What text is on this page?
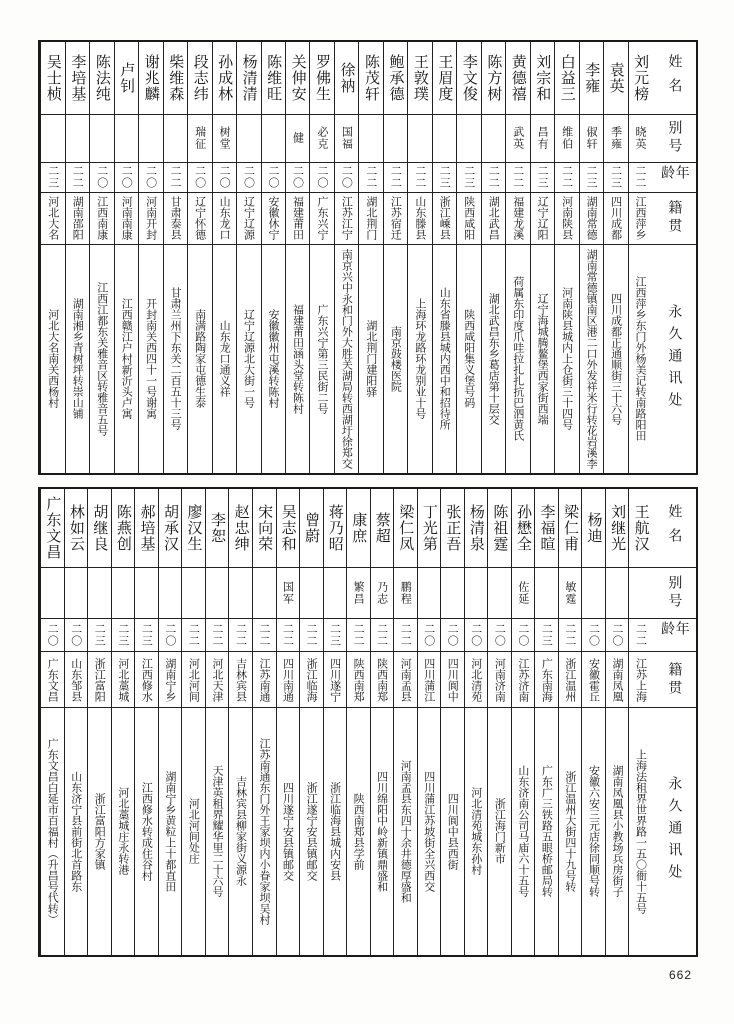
姓名
别号
年龄
籍贯
永久通讯处
刘元榜
晓英
二二
江西萍乡
江西萍乡东门外杨美记转南路阳田
袁英
季雍
二三
四川成都
四川成都正通顺街三十六号
李雍
俶轩
二三
湖南常德
湖南常德镇南区港二口外发祥米行转花岩溪李
白益三
维伯
二二
河南陕县
河南陕县城内上仓街三十四号
刘宗和
昌有
二三
辽宁辽阳
辽宁海城腾鳌堡西家街西端
黄德禧
武英
二二
福建龙溪
荷属东印度爪哇拉扎扎抗巴泗黄氏
陈方树
二二
湖北武昌
湖北武昌东乡葛店第十层交
李文俊
二三
陕西咸阳
陕西咸阳集义堡号码
王眉度
二三
浙江嵊县
山东省滕县城内西中和招待所
王敦璞
二二
山东滕县
上海环龙路环龙别业十号
鲍承德
二二
江苏宿迁
南京鼓楼医院
陈茂轩
二二
湖北荆门
湖北荆门建阳驿
徐衲
国福
二〇
江苏江宁
南京兴中永和门外大胜关湖局转西湖圩徐郑交
罗佛生
必克
二〇
广东兴宁
广东兴宁第三民街二号
关伸安
健
二〇
福建莆田
福建莆田涵头堂转陈村
陈维旺
二〇
安徽休宁
安徽徽州屯溪转陈村
杨清清
二〇
辽宁辽源
辽宁辽源北大街一号
孙成林
树堂
二〇
山东龙口
山东龙口通义祥
段志纬
瑞征
二〇
辽宁怀德
南满路陶家屯德生泰
柴维森
二二
甘肃泰县
甘肃兰州下东关二百五十三号
谢兆麟
二〇
河南开封
开封南关西四十一号谢寓
卢钊
二〇
河南南康
江西赣江户村新沂头卢寓
陈法纯
二〇
江西南康
江西江都东关雅音区转雅音五号
李培基
二二
湖南邵阳
湖南湘乡青树坪转崇山铺
吴士桢
二三
河北大名
河北大名南关西杨村
姓名
别号
年龄
籍贯
永久通讯处
王航汉
二二
江苏上海
上海法租界世界路一五〇衙十五号
刘继光
二〇
湖南凤凰
湖南凤凰县小教场兵房街子
杨迪
二〇
安徽霍丘
安徽六安三元店徐同顺号转
梁仁甫
敏霆
二二
浙江温州
浙江温州大街四十九号转
李福暄
二三
广东南海
广东广三铁路五眼桥邮局转
孙懋全
佐延
二〇
江苏济南
山东济南公司马庙六十五号
陈祖霆
二〇
河南济南
浙江海门新市
杨清泉
二〇
河北清苑
河北清苑城东孙村
张正吾
二〇
四川阆中
四川阆中县西街
丁光第
二〇
四川蒲江
四川蒲江苏坡街全兴西交
梁仁凤
鹏程
二二
河南孟县
河南孟县东四十余井德厚盛和
蔡超
乃志
二二
陕西南郑
四川绵阳中岭新镇鼎盛和
康庶
繁昌
二二
陕西南郑
陕西南郑县学前
蒋乃昭
二三
四川遂宁
浙江临海县城内安县
曾蔚
二二
浙江临海
浙江遂宁安县镇邮交
吴志和
国军
二二
四川南通
四川遂宁安县镇邮交
宋向荣
二二
江苏南通
江苏南通东门外王家坝内小眷家坝吴村
赵忠绅
二二
吉林宾县
吉林宾县柳家街义源永
李恕
二二
河北天津
天津英租界耀华里二十六号
廖汉生
二二
河北河间
河北河间处庄
胡承汉
二〇
湖南宁乡
湖南宁乡黄粒上十都直田
郝培基
二三
江西修水
江西修水转成住谷村
陈燕创
二三
河北藁城
河北藁城庄永转港
胡继良
二三
浙江富阳
浙江富阳方家镇
林如云
二〇
山东邹县
山东济宁县前街北首路东
广东文昌
二〇
广东文昌
广东文昌白延市百福村（升昌号代转）
662
